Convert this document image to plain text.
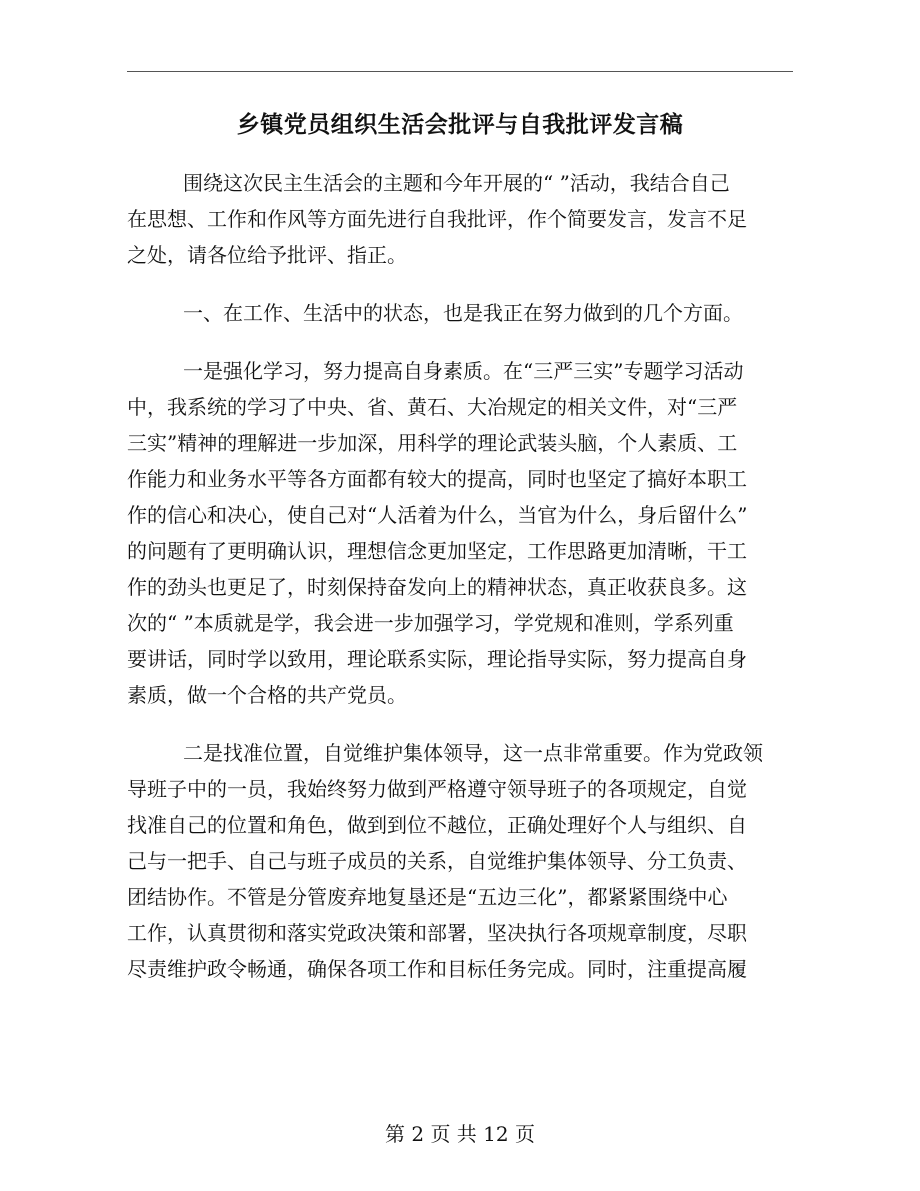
乡镇党员组织生活会批评与自我批评发言稿

围绕这次民主生活会的主题和今年开展的“ ”活动，我结合自己
在思想、工作和作风等方面先进行自我批评，作个简要发言，发言不足
之处，请各位给予批评、指正。

一、在工作、生活中的状态，也是我正在努力做到的几个方面。

一是强化学习，努力提高自身素质。在“三严三实”专题学习活动
中，我系统的学习了中央、省、黄石、大冶规定的相关文件，对“三严
三实”精神的理解进一步加深，用科学的理论武装头脑，个人素质、工
作能力和业务水平等各方面都有较大的提高，同时也坚定了搞好本职工
作的信心和决心，使自己对“人活着为什么，当官为什么，身后留什么”
的问题有了更明确认识，理想信念更加坚定，工作思路更加清晰，干工
作的劲头也更足了，时刻保持奋发向上的精神状态，真正收获良多。这
次的“ ”本质就是学，我会进一步加强学习，学党规和准则，学系列重
要讲话，同时学以致用，理论联系实际，理论指导实际，努力提高自身
素质，做一个合格的共产党员。

二是找准位置，自觉维护集体领导，这一点非常重要。作为党政领
导班子中的一员，我始终努力做到严格遵守领导班子的各项规定，自觉
找准自己的位置和角色，做到到位不越位，正确处理好个人与组织、自
己与一把手、自己与班子成员的关系，自觉维护集体领导、分工负责、
团结协作。不管是分管废弃地复垦还是“五边三化”，都紧紧围绕中心
工作，认真贯彻和落实党政决策和部署，坚决执行各项规章制度，尽职
尽责维护政令畅通，确保各项工作和目标任务完成。同时，注重提高履

第 2 页 共 12 页
